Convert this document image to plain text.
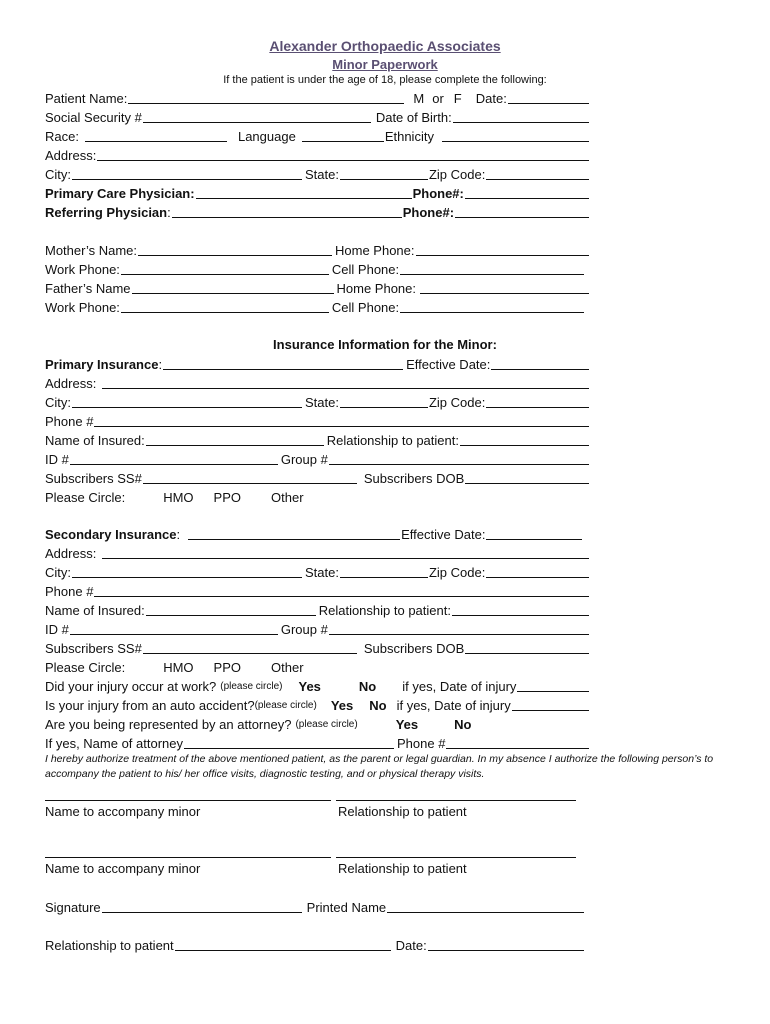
Alexander Orthopaedic Associates
Minor Paperwork
If the patient is under the age of 18, please complete the following:
Patient Name:	M or F Date:
Social Security #	Date of Birth:
Race:	Language	Ethnicity
Address:
City:	State:	Zip Code:
Primary Care Physician:	Phone#:
Referring Physician :	Phone#:
Mother’s Name:	Home Phone:
Work Phone:	Cell Phone:
Father’s Name	Home Phone:
Work Phone:	Cell Phone:
Insurance Information for the Minor:
Primary Insurance :	Effective Date:
Address:
City:	State:	Zip Code:
Phone #
Name of Insured:	Relationship to patient:
ID #	Group #
Subscribers SS#	Subscribers DOB
Please Circle:	HMO PPO Other
Secondary Insurance :	Effective Date:
Address:
City:	State:	Zip Code:
Phone #
Name of Insured:	Relationship to patient:
ID #	Group #
Subscribers SS#	Subscribers DOB
Please Circle:	HMO PPO Other
Did your injury occur at work? (please circle) Yes	No if yes, Date of injury
Is your injury from an auto accident? (please circle) Yes No if yes, Date of injury
Are you being represented by an attorney? (please circle)	Yes	No
If yes, Name of attorney	Phone #
I hereby authorize treatment of the above mentioned patient, as the parent or legal guardian. In my absence I authorize the following person’s to accompany the patient to his/ her office visits, diagnostic testing, and or physical therapy visits.
Name to accompany minor	Relationship to patient
Name to accompany minor	Relationship to patient
Signature	Printed Name
Relationship to patient	Date:
